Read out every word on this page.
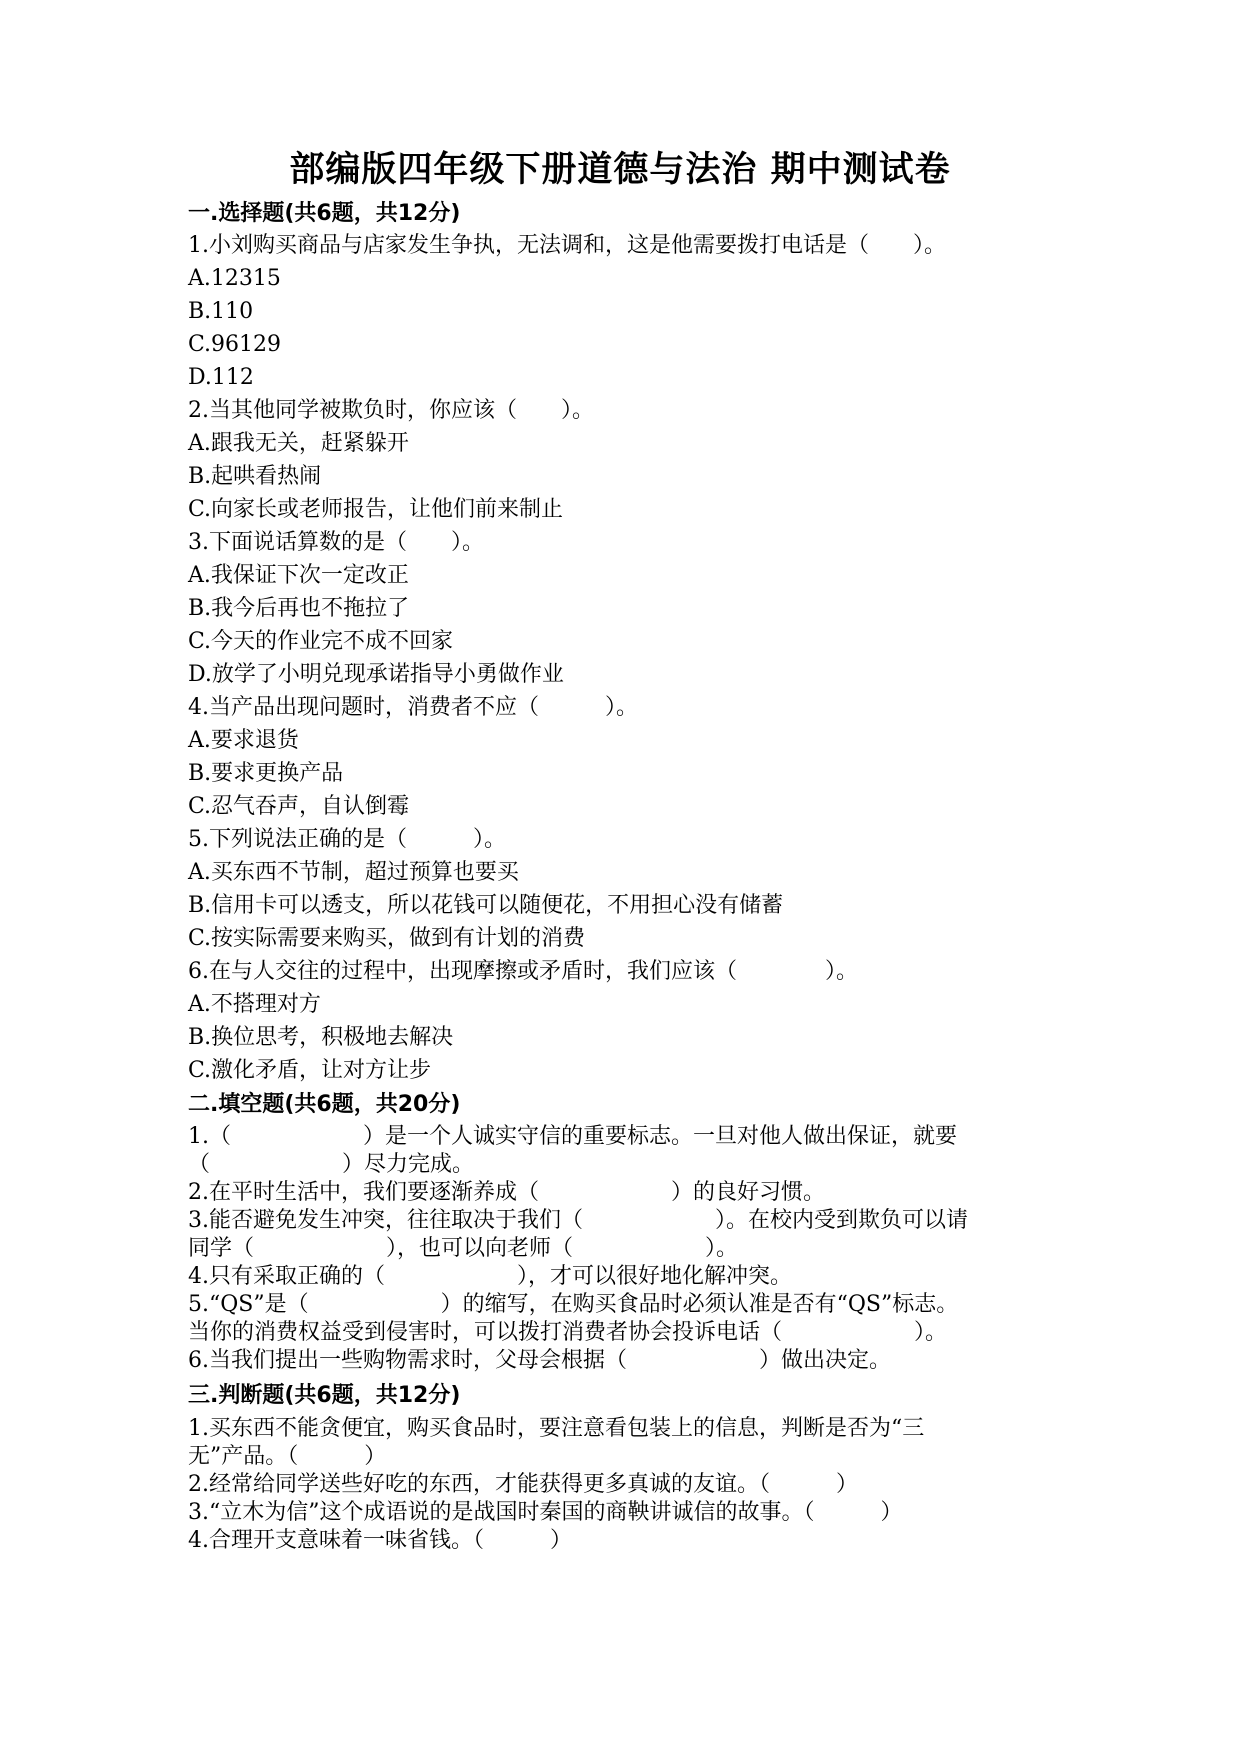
部编版四年级下册道德与法治 期中测试卷
一.选择题(共6题，共12分)
1.小刘购买商品与店家发生争执，无法调和，这是他需要拨打电话是（　　）。
A.12315
B.110
C.96129
D.112
2.当其他同学被欺负时，你应该（　　）。
A.跟我无关，赶紧躲开
B.起哄看热闹
C.向家长或老师报告，让他们前来制止
3.下面说话算数的是（　　）。
A.我保证下次一定改正
B.我今后再也不拖拉了
C.今天的作业完不成不回家
D.放学了小明兑现承诺指导小勇做作业
4.当产品出现问题时，消费者不应（　　　）。
A.要求退货
B.要求更换产品
C.忍气吞声，自认倒霉
5.下列说法正确的是（　　　）。
A.买东西不节制，超过预算也要买
B.信用卡可以透支，所以花钱可以随便花，不用担心没有储蓄
C.按实际需要来购买，做到有计划的消费
6.在与人交往的过程中，出现摩擦或矛盾时，我们应该（　　　　）。
A.不搭理对方
B.换位思考，积极地去解决
C.激化矛盾，让对方让步
二.填空题(共6题，共20分)
1.（　　　　　　）是一个人诚实守信的重要标志。一旦对他人做出保证，就要
（　　　　　　）尽力完成。
2.在平时生活中，我们要逐渐养成（　　　　　　）的良好习惯。
3.能否避免发生冲突，往往取决于我们（　　　　　　）。在校内受到欺负可以请
同学（　　　　　　），也可以向老师（　　　　　　）。
4.只有采取正确的（　　　　　　），才可以很好地化解冲突。
5.“QS”是（　　　　　　）的缩写，在购买食品时必须认准是否有“QS”标志。
当你的消费权益受到侵害时，可以拨打消费者协会投诉电话（　　　　　　）。
6.当我们提出一些购物需求时，父母会根据（　　　　　　）做出决定。
三.判断题(共6题，共12分)
1.买东西不能贪便宜，购买食品时，要注意看包装上的信息，判断是否为“三
无”产品。（　　　）
2.经常给同学送些好吃的东西，才能获得更多真诚的友谊。（　　　）
3.“立木为信”这个成语说的是战国时秦国的商鞅讲诚信的故事。（　　　）
4.合理开支意味着一味省钱。（　　　）
